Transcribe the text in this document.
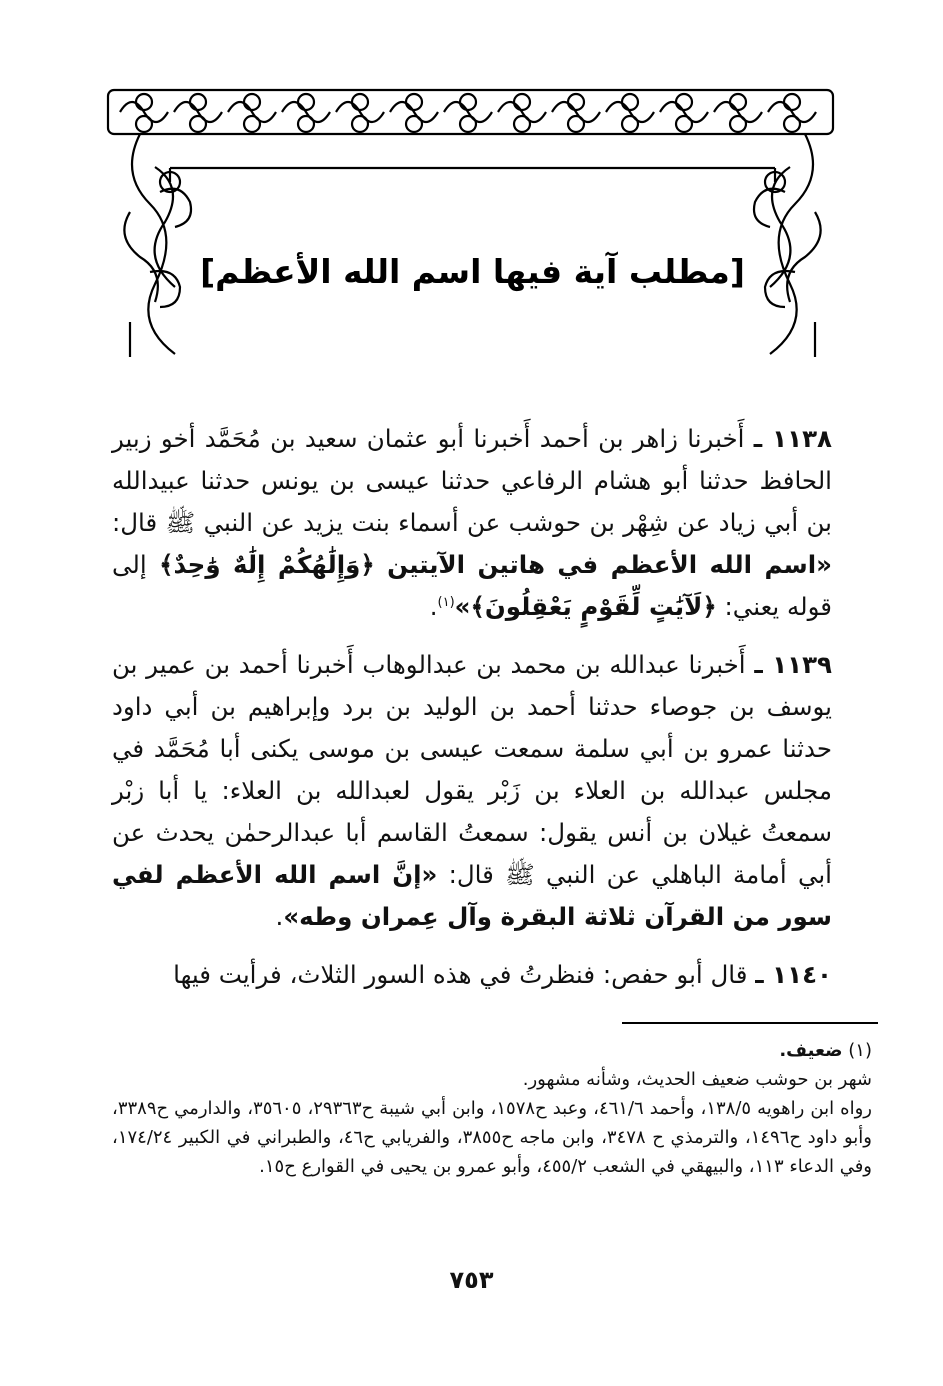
[مطلب آية فيها اسم الله الأعظم]

١١٣٨ ـ أَخبرنا زاهر بن أحمد أَخبرنا أبو عثمان سعيد بن مُحَمَّد أخو زبير الحافظ حدثنا أبو هشام الرفاعي حدثنا عيسى بن يونس حدثنا عبيدالله بن أبي زياد عن شِهْر بن حوشب عن أسماء بنت يزيد عن النبي ﷺ قال: «اسم الله الأعظم في هاتين الآيتين ﴿وَإِلَٰهُكُمْ إِلَٰهٌ وَٰحِدٌ﴾ إلى قوله يعني: ﴿لَآيَٰتٍ لِّقَوْمٍ يَعْقِلُونَ﴾»$^{(١)}$.

١١٣٩ ـ أَخبرنا عبدالله بن محمد بن عبدالوهاب أَخبرنا أحمد بن عمير بن يوسف بن جوصاء حدثنا أحمد بن الوليد بن برد وإبراهيم بن أبي داود حدثنا عمرو بن أبي سلمة سمعت عيسى بن موسى يكنى أبا مُحَمَّد في مجلس عبدالله بن العلاء بن زَبْر يقول لعبدالله بن العلاء: يا أبا زبْر سمعتُ غيلان بن أنس يقول: سمعتُ القاسم أبا عبدالرحمٰن يحدث عن أبي أمامة الباهلي عن النبي ﷺ قال: «إنَّ اسم الله الأعظم لفي سور من القرآن ثلاثة البقرة وآل عِمران وطه».

١١٤٠ ـ قال أبو حفص: فنظرتُ في هذه السور الثلاث، فرأيت فيها

(١) ضعيف.

شهر بن حوشب ضعيف الحديث، وشأنه مشهور.

رواه ابن راهويه ١٣٨/٥، وأحمد ٤٦١/٦، وعبد ح١٥٧٨، وابن أبي شيبة ح٢٩٣٦٣، ٣٥٦٠٥، والدارمي ح٣٣٨٩، وأبو داود ح١٤٩٦، والترمذي ح ٣٤٧٨، وابن ماجه ح٣٨٥٥، والفريابي ح٤٦، والطبراني في الكبير ١٧٤/٢٤، وفي الدعاء ١١٣، والبيهقي في الشعب ٤٥٥/٢، وأبو عمرو بن يحيى في القوارع ح١٥.

٧٥٣
